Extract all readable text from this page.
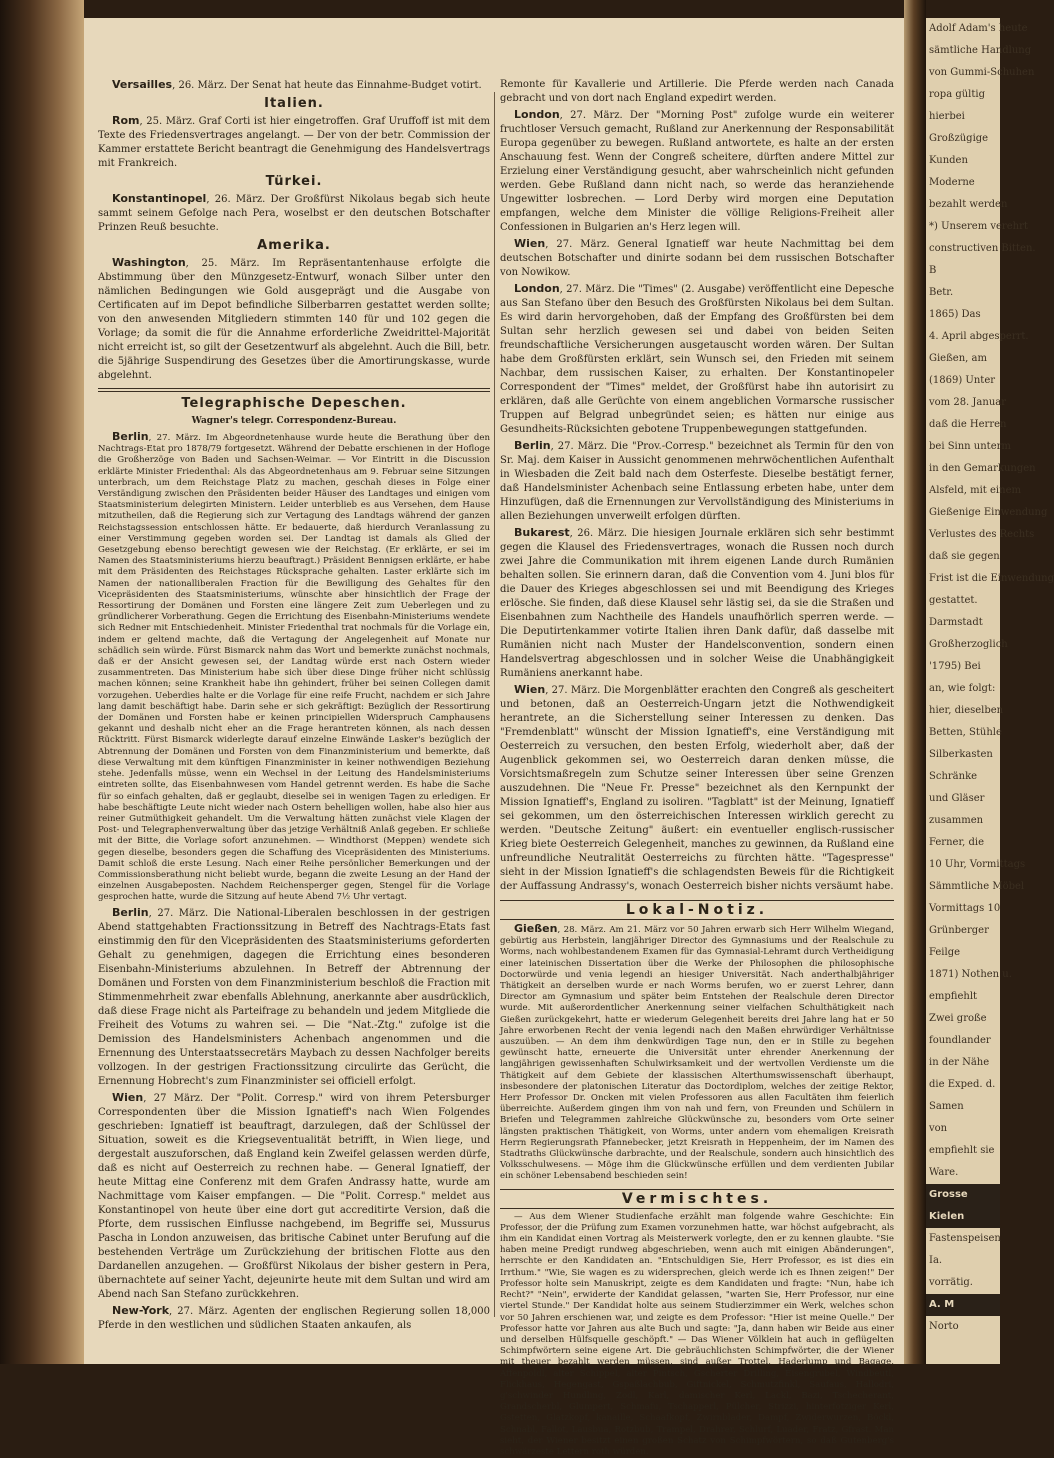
Versailles, 26. März. Der Senat hat heute das Einnahme-Budget votirt.

Italien.

Rom, 25. März. Graf Corti ist hier eingetroffen. Graf Uruffoff ist mit dem Texte des Friedensvertrages angelangt. — Der von der betr. Commission der Kammer erstattete Bericht beantragt die Genehmigung des Handelsvertrags mit Frankreich.

Türkei.

Konstantinopel, 26. März. Der Großfürst Nikolaus begab sich heute sammt seinem Gefolge nach Pera, woselbst er den deutschen Botschafter Prinzen Reuß besuchte.

Amerika.

Washington, 25. März. Im Repräsentantenhause erfolgte die Abstimmung über den Münzgesetz-Entwurf, wonach Silber unter den nämlichen Bedingungen wie Gold ausgeprägt und die Ausgabe von Certificaten auf im Depot befindliche Silberbarren gestattet werden sollte; von den anwesenden Mitgliedern stimmten 140 für und 102 gegen die Vorlage; da somit die für die Annahme erforderliche Zweidrittel-Majorität nicht erreicht ist, so gilt der Gesetzentwurf als abgelehnt. Auch die Bill, betr. die 5jährige Suspendirung des Gesetzes über die Amortirungskasse, wurde abgelehnt.

Telegraphische Depeschen.
Wagner's telegr. Correspondenz-Bureau.

Berlin, 27. März. Im Abgeordnetenhause wurde heute die Berathung über den Nachtrags-Etat pro 1878/79 fortgesetzt. Während der Debatte erschienen in der Hofloge die Großherzöge von Baden und Sachsen-Weimar. — Vor Eintritt in die Discussion erklärte Minister Friedenthal: Als das Abgeordnetenhaus am 9. Februar seine Sitzungen unterbrach, um dem Reichstage Platz zu machen, geschah dieses in Folge einer Verständigung zwischen den Präsidenten beider Häuser des Landtages und einigen vom Staatsministerium delegirten Ministern. Leider unterblieb es aus Versehen, dem Hause mitzutheilen, daß die Regierung sich zur Vertagung des Landtags während der ganzen Reichstagssession entschlossen hätte. Er bedauerte, daß hierdurch Veranlassung zu einer Verstimmung gegeben worden sei. Der Landtag ist damals als Glied der Gesetzgebung ebenso berechtigt gewesen wie der Reichstag. (Er erklärte, er sei im Namen des Staatsministeriums hierzu beauftragt.) Präsident Bennigsen erklärte, er habe mit dem Präsidenten des Reichstages Rücksprache gehalten. Laster erklärte sich im Namen der nationalliberalen Fraction für die Bewilligung des Gehaltes für den Vicepräsidenten des Staatsministeriums, wünschte aber hinsichtlich der Frage der Ressortirung der Domänen und Forsten eine längere Zeit zum Ueberlegen und zu gründlicherer Vorberathung. Gegen die Errichtung des Eisenbahn-Ministeriums wendete sich Redner mit Entschiedenheit. Minister Friedenthal trat nochmals für die Vorlage ein, indem er geltend machte, daß die Vertagung der Angelegenheit auf Monate nur schädlich sein würde. Fürst Bismarck nahm das Wort und bemerkte zunächst nochmals, daß er der Ansicht gewesen sei, der Landtag würde erst nach Ostern wieder zusammentreten. Das Ministerium habe sich über diese Dinge früher nicht schlüssig machen können; seine Krankheit habe ihn gehindert, früher bei seinen Collegen damit vorzugehen. Ueberdies halte er die Vorlage für eine reife Frucht, nachdem er sich Jahre lang damit beschäftigt habe. Darin sehe er sich gekräftigt: Bezüglich der Ressortirung der Domänen und Forsten habe er keinen principiellen Widerspruch Camphausens gekannt und deshalb nicht eher an die Frage herantreten können, als nach dessen Rücktritt. Fürst Bismarck widerlegte darauf einzelne Einwände Lasker's bezüglich der Abtrennung der Domänen und Forsten von dem Finanzministerium und bemerkte, daß diese Verwaltung mit dem künftigen Finanzminister in keiner nothwendigen Beziehung stehe. Jedenfalls müsse, wenn ein Wechsel in der Leitung des Handelsministeriums eintreten sollte, das Eisenbahnwesen vom Handel getrennt werden. Es habe die Sache für so einfach gehalten, daß er geglaubt, dieselbe sei in wenigen Tagen zu erledigen. Er habe beschäftigte Leute nicht wieder nach Ostern behelligen wollen, habe also hier aus reiner Gutmüthigkeit gehandelt. Um die Verwaltung hätten zunächst viele Klagen der Post- und Telegraphenverwaltung über das jetzige Verhältniß Anlaß gegeben. Er schließe mit der Bitte, die Vorlage sofort anzunehmen. — Windthorst (Meppen) wendete sich gegen dieselbe, besonders gegen die Schaffung des Vicepräsidenten des Ministeriums. Damit schloß die erste Lesung. Nach einer Reihe persönlicher Bemerkungen und der Commissionsberathung nicht beliebt wurde, begann die zweite Lesung an der Hand der einzelnen Ausgabeposten. Nachdem Reichensperger gegen, Stengel für die Vorlage gesprochen hatte, wurde die Sitzung auf heute Abend 7½ Uhr vertagt.

Berlin, 27. März. Die National-Liberalen beschlossen in der gestrigen Abend stattgehabten Fractionssitzung in Betreff des Nachtrags-Etats fast einstimmig den für den Vicepräsidenten des Staatsministeriums geforderten Gehalt zu genehmigen, dagegen die Errichtung eines besonderen Eisenbahn-Ministeriums abzulehnen. In Betreff der Abtrennung der Domänen und Forsten von dem Finanzministerium beschloß die Fraction mit Stimmenmehrheit zwar ebenfalls Ablehnung, anerkannte aber ausdrücklich, daß diese Frage nicht als Parteifrage zu behandeln und jedem Mitgliede die Freiheit des Votums zu wahren sei. — Die "Nat.-Ztg." zufolge ist die Demission des Handelsministers Achenbach angenommen und die Ernennung des Unterstaatssecretärs Maybach zu dessen Nachfolger bereits vollzogen. In der gestrigen Fractionssitzung circulirte das Gerücht, die Ernennung Hobrecht's zum Finanzminister sei officiell erfolgt.

Wien, 27 März. Der "Polit. Corresp." wird von ihrem Petersburger Correspondenten über die Mission Ignatieff's nach Wien Folgendes geschrieben: Ignatieff ist beauftragt, darzulegen, daß der Schlüssel der Situation, soweit es die Kriegseventualität betrifft, in Wien liege, und dergestalt auszuforschen, daß England kein Zweifel gelassen werden dürfe, daß es nicht auf Oesterreich zu rechnen habe. — General Ignatieff, der heute Mittag eine Conferenz mit dem Grafen Andrassy hatte, wurde am Nachmittage vom Kaiser empfangen. — Die "Polit. Corresp." meldet aus Konstantinopel von heute über eine dort gut accreditirte Version, daß die Pforte, dem russischen Einflusse nachgebend, im Begriffe sei, Mussurus Pascha in London anzuweisen, das britische Cabinet unter Berufung auf die bestehenden Verträge um Zurückziehung der britischen Flotte aus den Dardanellen anzugehen. — Großfürst Nikolaus der bisher gestern in Pera, übernachtete auf seiner Yacht, dejeunirte heute mit dem Sultan und wird am Abend nach San Stefano zurückkehren.

New-York, 27. März. Agenten der englischen Regierung sollen 18,000 Pferde in den westlichen und südlichen Staaten ankaufen, als

Remonte für Kavallerie und Artillerie. Die Pferde werden nach Canada gebracht und von dort nach England expedirt werden.

London, 27. März. Der "Morning Post" zufolge wurde ein weiterer fruchtloser Versuch gemacht, Rußland zur Anerkennung der Responsabilität Europa gegenüber zu bewegen. Rußland antwortete, es halte an der ersten Anschauung fest. Wenn der Congreß scheitere, dürften andere Mittel zur Erzielung einer Verständigung gesucht, aber wahrscheinlich nicht gefunden werden. Gebe Rußland dann nicht nach, so werde das heranziehende Ungewitter losbrechen. — Lord Derby wird morgen eine Deputation empfangen, welche dem Minister die völlige Religions-Freiheit aller Confessionen in Bulgarien an's Herz legen will.

Wien, 27. März. General Ignatieff war heute Nachmittag bei dem deutschen Botschafter und dinirte sodann bei dem russischen Botschafter von Nowikow.

London, 27. März. Die "Times" (2. Ausgabe) veröffentlicht eine Depesche aus San Stefano über den Besuch des Großfürsten Nikolaus bei dem Sultan. Es wird darin hervorgehoben, daß der Empfang des Großfürsten bei dem Sultan sehr herzlich gewesen sei und dabei von beiden Seiten freundschaftliche Versicherungen ausgetauscht worden wären. Der Sultan habe dem Großfürsten erklärt, sein Wunsch sei, den Frieden mit seinem Nachbar, dem russischen Kaiser, zu erhalten. Der Konstantinopeler Correspondent der "Times" meldet, der Großfürst habe ihn autorisirt zu erklären, daß alle Gerüchte von einem angeblichen Vormarsche russischer Truppen auf Belgrad unbegründet seien; es hätten nur einige aus Gesundheits-Rücksichten gebotene Truppenbewegungen stattgefunden.

Berlin, 27. März. Die "Prov.-Corresp." bezeichnet als Termin für den von Sr. Maj. dem Kaiser in Aussicht genommenen mehrwöchentlichen Aufenthalt in Wiesbaden die Zeit bald nach dem Osterfeste. Dieselbe bestätigt ferner, daß Handelsminister Achenbach seine Entlassung erbeten habe, unter dem Hinzufügen, daß die Ernennungen zur Vervollständigung des Ministeriums in allen Beziehungen unverweilt erfolgen dürften.

Bukarest, 26. März. Die hiesigen Journale erklären sich sehr bestimmt gegen die Klausel des Friedensvertrages, wonach die Russen noch durch zwei Jahre die Communikation mit ihrem eigenen Lande durch Rumänien behalten sollen. Sie erinnern daran, daß die Convention vom 4. Juni blos für die Dauer des Krieges abgeschlossen sei und mit Beendigung des Krieges erlösche. Sie finden, daß diese Klausel sehr lästig sei, da sie die Straßen und Eisenbahnen zum Nachtheile des Handels unaufhörlich sperren werde. — Die Deputirtenkammer votirte Italien ihren Dank dafür, daß dasselbe mit Rumänien nicht nach Muster der Handelsconvention, sondern einen Handelsvertrag abgeschlossen und in solcher Weise die Unabhängigkeit Rumäniens anerkannt habe.

Wien, 27. März. Die Morgenblätter erachten den Congreß als gescheitert und betonen, daß an Oesterreich-Ungarn jetzt die Nothwendigkeit herantrete, an die Sicherstellung seiner Interessen zu denken. Das "Fremdenblatt" wünscht der Mission Ignatieff's, eine Verständigung mit Oesterreich zu versuchen, den besten Erfolg, wiederholt aber, daß der Augenblick gekommen sei, wo Oesterreich daran denken müsse, die Vorsichtsmaßregeln zum Schutze seiner Interessen über seine Grenzen auszudehnen. Die "Neue Fr. Presse" bezeichnet als den Kernpunkt der Mission Ignatieff's, England zu isoliren. "Tagblatt" ist der Meinung, Ignatieff sei gekommen, um den österreichischen Interessen wirklich gerecht zu werden. "Deutsche Zeitung" äußert: ein eventueller englisch-russischer Krieg biete Oesterreich Gelegenheit, manches zu gewinnen, da Rußland eine unfreundliche Neutralität Oesterreichs zu fürchten hätte. "Tagespresse" sieht in der Mission Ignatieff's die schlagendsten Beweis für die Richtigkeit der Auffassung Andrassy's, wonach Oesterreich bisher nichts versäumt habe.

Lokal-Notiz.

Gießen, 28. März. Am 21. März vor 50 Jahren erwarb sich Herr Wilhelm Wiegand, gebürtig aus Herbstein, langjähriger Director des Gymnasiums und der Realschule zu Worms, nach wohlbestandenem Examen für das Gymnasial-Lehramt durch Vertheidigung einer lateinischen Dissertation über die Werke der Philosophen die philosophische Doctorwürde und venia legendi an hiesiger Universität. Nach anderthalbjähriger Thätigkeit an derselben wurde er nach Worms berufen, wo er zuerst Lehrer, dann Director am Gymnasium und später beim Entstehen der Realschule deren Director wurde. Mit außerordentlicher Anerkennung seiner vielfachen Schulthätigkeit nach Gießen zurückgekehrt, hatte er wiederum Gelegenheit bereits drei Jahre lang hat er 50 Jahre erworbenen Recht der venia legendi nach den Maßen ehrwürdiger Verhältnisse auszuüben. — An dem ihm denkwürdigen Tage nun, den er in Stille zu begehen gewünscht hatte, erneuerte die Universität unter ehrender Anerkennung der langjährigen gewissenhaften Schulwirksamkeit und der wertvollen Verdienste um die Thätigkeit auf dem Gebiete der klassischen Alterthumswissenschaft überhaupt, insbesondere der platonischen Literatur das Doctordiplom, welches der zeitige Rektor, Herr Professor Dr. Oncken mit vielen Professoren aus allen Facultäten ihm feierlich überreichte. Außerdem gingen ihm von nah und fern, von Freunden und Schülern in Briefen und Telegrammen zahlreiche Glückwünsche zu, besonders vom Orte seiner längsten praktischen Thätigkeit, von Worms, unter andern vom ehemaligen Kreisrath Herrn Regierungsrath Pfannebecker, jetzt Kreisrath in Heppenheim, der im Namen des Stadtraths Glückwünsche darbrachte, und der Realschule, sondern auch hinsichtlich des Volksschulwesens. — Möge ihm die Glückwünsche erfüllen und dem verdienten Jubilar ein schöner Lebensabend beschieden sein!

Vermischtes.

— Aus dem Wiener Studienfache erzählt man folgende wahre Geschichte: Ein Professor, der die Prüfung zum Examen vorzunehmen hatte, war höchst aufgebracht, als ihm ein Kandidat einen Vortrag als Meisterwerk vorlegte, den er zu kennen glaubte. "Sie haben meine Predigt rundweg abgeschrieben, wenn auch mit einigen Abänderungen", herrschte er den Kandidaten an. "Entschuldigen Sie, Herr Professor, es ist dies ein Irrthum." "Wie, Sie wagen es zu widersprechen, gleich werde ich es Ihnen zeigen!" Der Professor holte sein Manuskript, zeigte es dem Kandidaten und fragte: "Nun, habe ich Recht?" "Nein", erwiderte der Kandidat gelassen, "warten Sie, Herr Professor, nur eine viertel Stunde." Der Kandidat holte aus seinem Studierzimmer ein Werk, welches schon vor 50 Jahren erschienen war, und zeigte es dem Professor: "Hier ist meine Quelle." Der Professor hatte vor Jahren aus alte Buch und sagte: "Ja, dann haben wir Beide aus einer und derselben Hülfsquelle geschöpft." — Das Wiener Völklein hat auch in geflügelten Schimpfwörtern seine eigene Art. Die gebräuchlichsten Schimpfwörter, die der Wiener mit theuer bezahlt werden müssen, sind außer Trottel, Haderlump und Bagage, Affenpoldl, alter Schippel, alter Pintsch, Gscherter Drilling, Eisengrubel, Windbeutl, Flickhaus, Hegengast, Gspaßlachbub, Giftnickel, Schmutzfinkl, Saufaus, Hallodri, g'schwinder Hundling, Zodl, Karl, damischer Kerl, Lackl, Bazi, Tschecherant, Grandscherbl, Glumpert, Schmafu, Tschapperl, Pülcher, Strizzi, hinterfotziger Kerl, Gstetten, Glatzkopf, kanaille, Schaafkopf, Zwirnblader, Dampf, Zwiderwurzen, Böckl, Schnabl, Fallot, Lausbua, Rotzbub, Trampel, Drahrer, Schlurf, Luader, Fratz, Gfrast. Man sieht, der Wiener besitzt einen großen Schatz von Schimpfwörtern, so daß Gutenberg's schwärzeste Lettern roth würden.

Adolf Adam's heute
sämtliche Handlung
von Gummi-Schuhen
ropa gültig
hierbei
Großzügige
Kunden
Moderne
bezahlt werden
*) Unserem verehrt
constructiven Bitten.
B
Betr.
1865) Das
4. April abgesperrt.
Gießen, am
(1869) Unter
vom 28. Januar
daß die Herren
bei Sinn unterm
in den Gemarkungen
Alsfeld, mit einem
Gießenige Einwendung
Verlustes des Rechts
daß sie gegen
Frist ist die Einwendung
gestattet.
Darmstadt
Großherzoglich
'1795) Bei
an, wie folgt:
hier, dieselben
Betten, Stühle
Silberkasten
Schränke
und Gläser
zusammen
Ferner, die
10 Uhr, Vormittags
Sämmtliche Möbel
Vormittags 10
Grünberger
Feilge
1871) Nothen u.
empfiehlt
Zwei große
foundlander
in der Nähe
die Exped. d.
Samen
von
empfiehlt sie
Ware.
Grosse
Kielen
Fastenspeisen
Ia.
vorrätig.
A. M
Norto
